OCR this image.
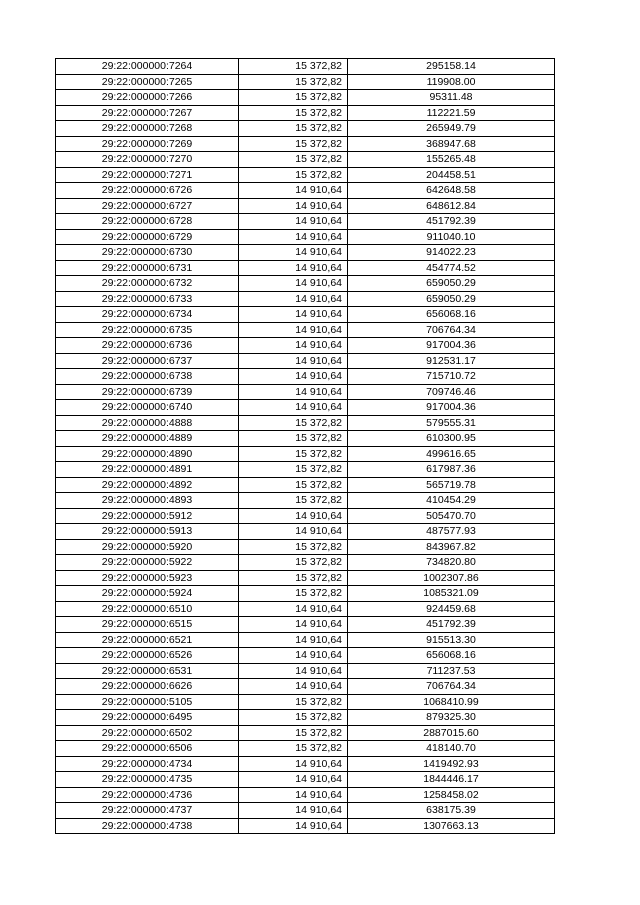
29:22:000000:7264	15 372,82	295158.14
29:22:000000:7265	15 372,82	119908.00
29:22:000000:7266	15 372,82	95311.48
29:22:000000:7267	15 372,82	112221.59
29:22:000000:7268	15 372,82	265949.79
29:22:000000:7269	15 372,82	368947.68
29:22:000000:7270	15 372,82	155265.48
29:22:000000:7271	15 372,82	204458.51
29:22:000000:6726	14 910,64	642648.58
29:22:000000:6727	14 910,64	648612.84
29:22:000000:6728	14 910,64	451792.39
29:22:000000:6729	14 910,64	911040.10
29:22:000000:6730	14 910,64	914022.23
29:22:000000:6731	14 910,64	454774.52
29:22:000000:6732	14 910,64	659050.29
29:22:000000:6733	14 910,64	659050.29
29:22:000000:6734	14 910,64	656068.16
29:22:000000:6735	14 910,64	706764.34
29:22:000000:6736	14 910,64	917004.36
29:22:000000:6737	14 910,64	912531.17
29:22:000000:6738	14 910,64	715710.72
29:22:000000:6739	14 910,64	709746.46
29:22:000000:6740	14 910,64	917004.36
29:22:000000:4888	15 372,82	579555.31
29:22:000000:4889	15 372,82	610300.95
29:22:000000:4890	15 372,82	499616.65
29:22:000000:4891	15 372,82	617987.36
29:22:000000:4892	15 372,82	565719.78
29:22:000000:4893	15 372,82	410454.29
29:22:000000:5912	14 910,64	505470.70
29:22:000000:5913	14 910,64	487577.93
29:22:000000:5920	15 372,82	843967.82
29:22:000000:5922	15 372,82	734820.80
29:22:000000:5923	15 372,82	1002307.86
29:22:000000:5924	15 372,82	1085321.09
29:22:000000:6510	14 910,64	924459.68
29:22:000000:6515	14 910,64	451792.39
29:22:000000:6521	14 910,64	915513.30
29:22:000000:6526	14 910,64	656068.16
29:22:000000:6531	14 910,64	711237.53
29:22:000000:6626	14 910,64	706764.34
29:22:000000:5105	15 372,82	1068410.99
29:22:000000:6495	15 372,82	879325.30
29:22:000000:6502	15 372,82	2887015.60
29:22:000000:6506	15 372,82	418140.70
29:22:000000:4734	14 910,64	1419492.93
29:22:000000:4735	14 910,64	1844446.17
29:22:000000:4736	14 910,64	1258458.02
29:22:000000:4737	14 910,64	638175.39
29:22:000000:4738	14 910,64	1307663.13
